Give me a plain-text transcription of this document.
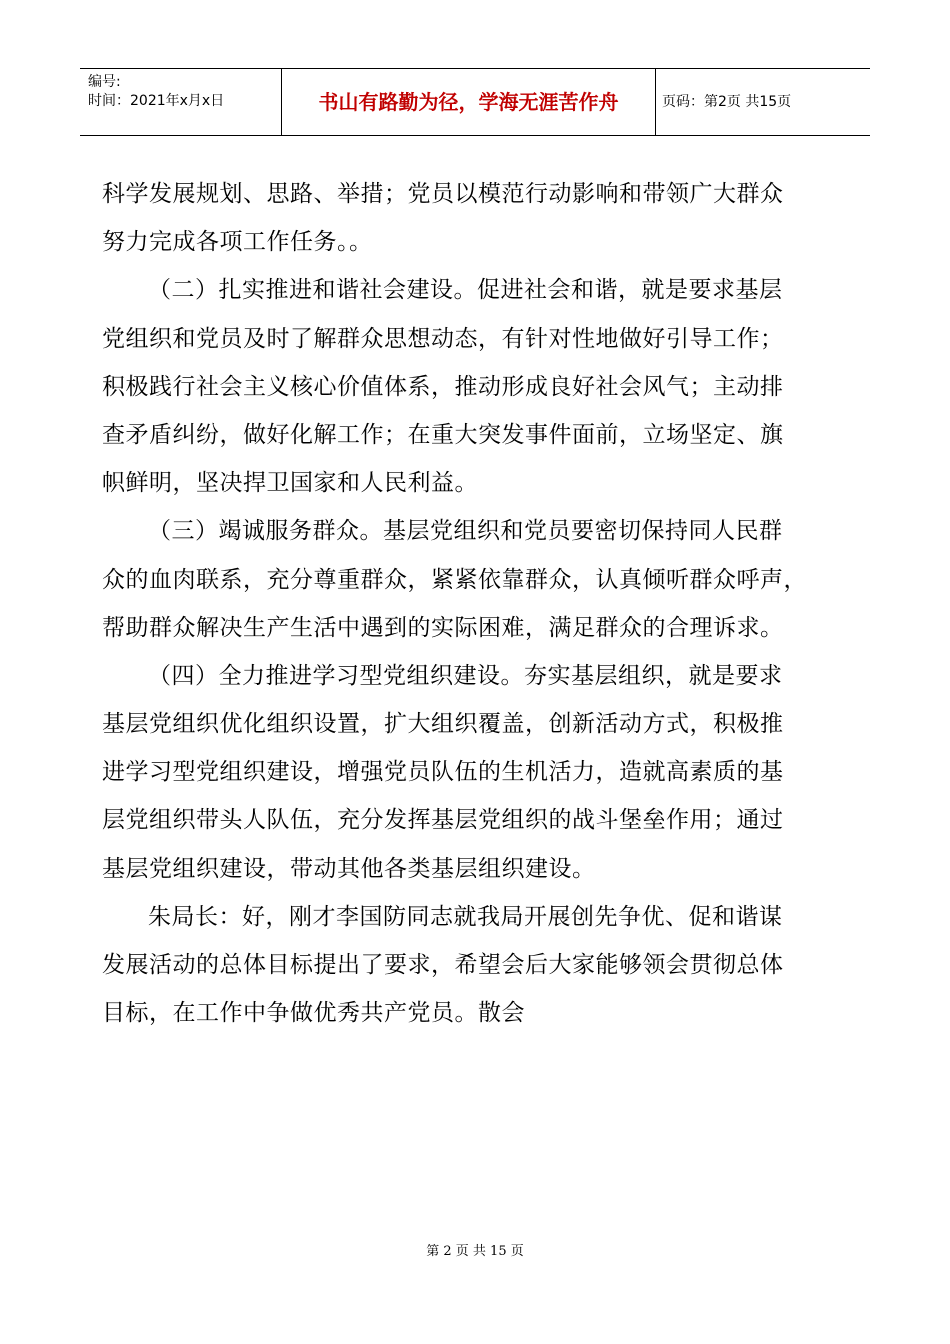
编号:
时间：2021年x月x日	书山有路勤为径，学海无涯苦作舟	页码：第2页 共15页
科学发展规划、思路、举措；党员以模范行动影响和带领广大群众
努力完成各项工作任务。。
（二）扎实推进和谐社会建设。促进社会和谐，就是要求基层
党组织和党员及时了解群众思想动态，有针对性地做好引导工作；
积极践行社会主义核心价值体系，推动形成良好社会风气；主动排
查矛盾纠纷，做好化解工作；在重大突发事件面前，立场坚定、旗
帜鲜明，坚决捍卫国家和人民利益。
（三）竭诚服务群众。基层党组织和党员要密切保持同人民群
众的血肉联系，充分尊重群众，紧紧依靠群众，认真倾听群众呼声，
帮助群众解决生产生活中遇到的实际困难，满足群众的合理诉求。
（四）全力推进学习型党组织建设。夯实基层组织，就是要求
基层党组织优化组织设置，扩大组织覆盖，创新活动方式，积极推
进学习型党组织建设，增强党员队伍的生机活力，造就高素质的基
层党组织带头人队伍，充分发挥基层党组织的战斗堡垒作用；通过
基层党组织建设，带动其他各类基层组织建设。
朱局长：好，刚才李国防同志就我局开展创先争优、促和谐谋
发展活动的总体目标提出了要求，希望会后大家能够领会贯彻总体
目标，在工作中争做优秀共产党员。散会
第 2 页 共 15 页
